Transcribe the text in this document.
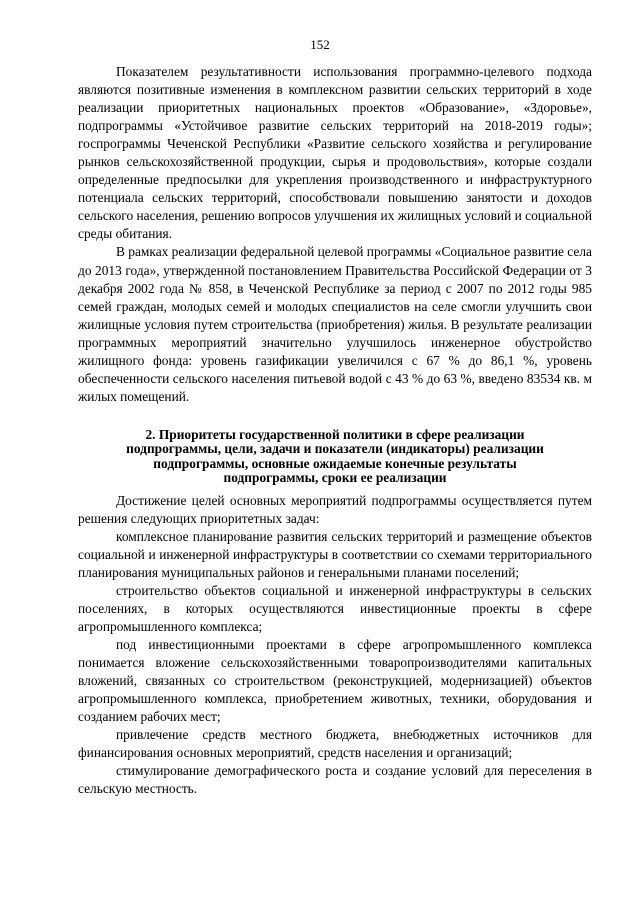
152

Показателем результативности использования программно-целевого подхода являются позитивные изменения в комплексном развитии сельских территорий в ходе реализации приоритетных национальных проектов «Образование», «Здоровье», подпрограммы «Устойчивое развитие сельских территорий на 2018-2019 годы»; госпрограммы Чеченской Республики «Развитие сельского хозяйства и регулирование рынков сельскохозяйственной продукции, сырья и продовольствия», которые создали определенные предпосылки для укрепления производственного и инфраструктурного потенциала сельских территорий, способствовали повышению занятости и доходов сельского населения, решению вопросов улучшения их жилищных условий и социальной среды обитания.

В рамках реализации федеральной целевой программы «Социальное развитие села до 2013 года», утвержденной постановлением Правительства Российской Федерации от 3 декабря 2002 года № 858, в Чеченской Республике за период с 2007 по 2012 годы 985 семей граждан, молодых семей и молодых специалистов на селе смогли улучшить свои жилищные условия путем строительства (приобретения) жилья. В результате реализации программных мероприятий значительно улучшилось инженерное обустройство жилищного фонда: уровень газификации увеличился с 67 % до 86,1 %, уровень обеспеченности сельского населения питьевой водой с 43 % до 63 %, введено 83534 кв. м жилых помещений.

2. Приоритеты государственной политики в сфере реализации
подпрограммы, цели, задачи и показатели (индикаторы) реализации
подпрограммы, основные ожидаемые конечные результаты
подпрограммы, сроки ее реализации

Достижение целей основных мероприятий подпрограммы осуществляется путем решения следующих приоритетных задач:

комплексное планирование развития сельских территорий и размещение объектов социальной и инженерной инфраструктуры в соответствии со схемами территориального планирования муниципальных районов и генеральными планами поселений;

строительство объектов социальной и инженерной инфраструктуры в сельских поселениях, в которых осуществляются инвестиционные проекты в сфере агропромышленного комплекса;

под инвестиционными проектами в сфере агропромышленного комплекса понимается вложение сельскохозяйственными товаропроизводителями капитальных вложений, связанных со строительством (реконструкцией, модернизацией) объектов агропромышленного комплекса, приобретением животных, техники, оборудования и созданием рабочих мест;

привлечение средств местного бюджета, внебюджетных источников для финансирования основных мероприятий, средств населения и организаций;

стимулирование демографического роста и создание условий для переселения в сельскую местность.
